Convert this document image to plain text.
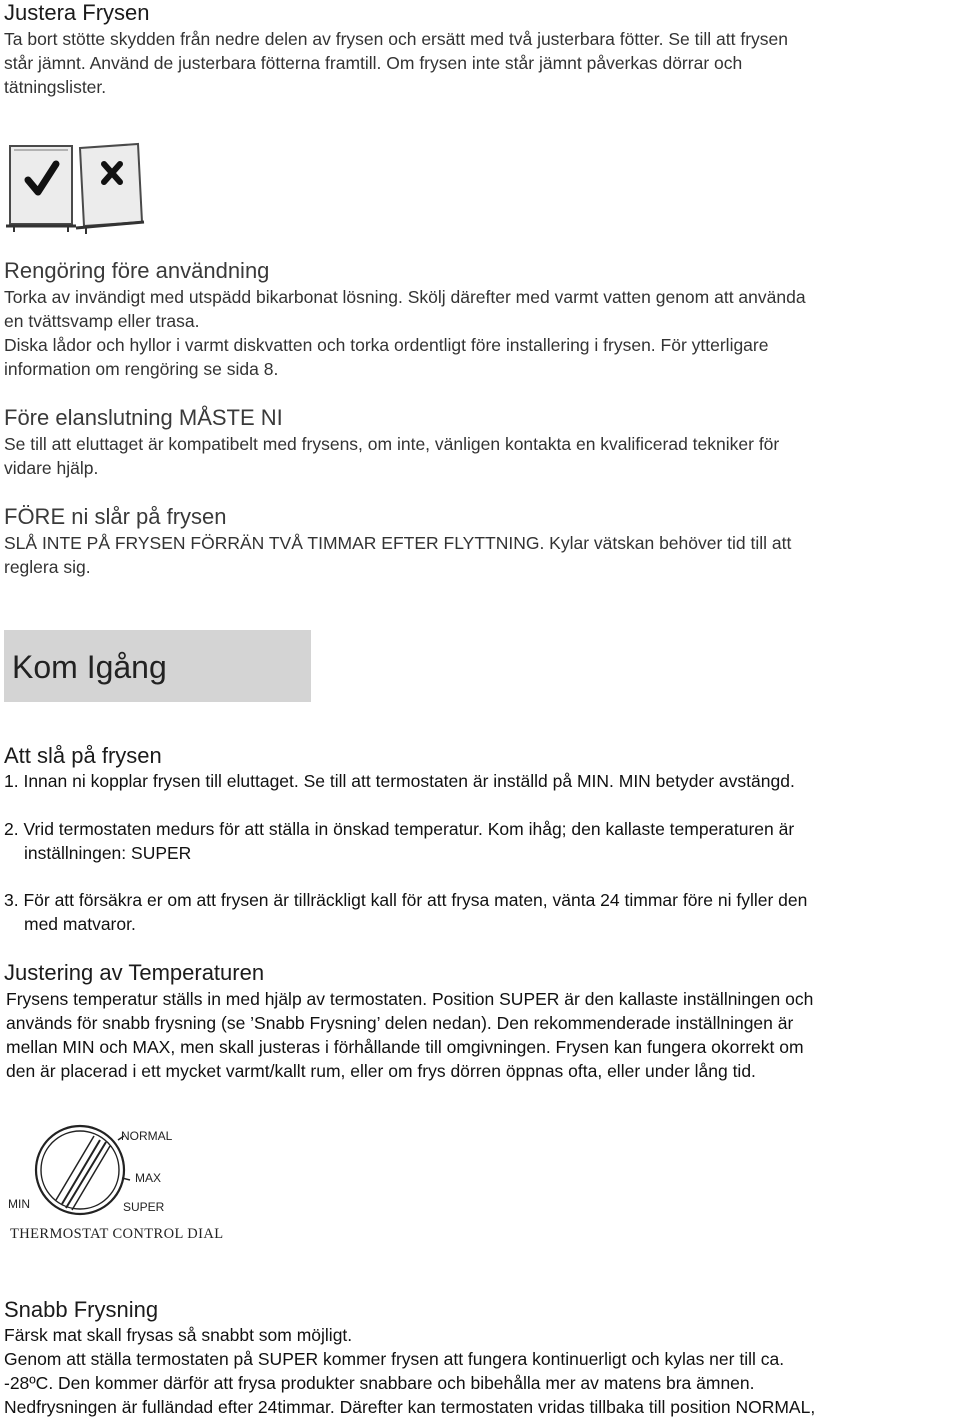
Justera Frysen
Ta bort stötte skydden från nedre delen av frysen och ersätt med två justerbara fötter. Se till att frysen
står jämnt. Använd de justerbara fötterna framtill. Om frysen inte står jämnt påverkas dörrar och
tätningslister.
Rengöring före användning
Torka av invändigt med utspädd bikarbonat lösning. Skölj därefter med varmt vatten genom att använda
en tvättsvamp eller trasa.
Diska lådor och hyllor i varmt diskvatten och torka ordentligt före installering i frysen. För ytterligare
information om rengöring se sida 8.
Före elanslutning MÅSTE NI
Se till att eluttaget är kompatibelt med frysens, om inte, vänligen kontakta en kvalificerad tekniker för
vidare hjälp.
FÖRE ni slår på frysen
SLÅ INTE PÅ FRYSEN FÖRRÄN TVÅ TIMMAR EFTER FLYTTNING. Kylar vätskan behöver tid till att
reglera sig.
Kom Igång
Att slå på frysen
1. Innan ni kopplar frysen till eluttaget. Se till att termostaten är inställd på MIN. MIN betyder avstängd.
2. Vrid termostaten medurs för att ställa in önskad temperatur. Kom ihåg; den kallaste temperaturen är
inställningen: SUPER
3. För att försäkra er om att frysen är tillräckligt kall för att frysa maten, vänta 24 timmar före ni fyller den
med matvaror.
Justering av Temperaturen
Frysens temperatur ställs in med hjälp av termostaten. Position SUPER är den kallaste inställningen och
används för snabb frysning (se ’Snabb Frysning’ delen nedan). Den rekommenderade inställningen är
mellan MIN och MAX, men skall justeras i förhållande till omgivningen. Frysen kan fungera okorrekt om
den är placerad i ett mycket varmt/kallt rum, eller om frys dörren öppnas ofta, eller under lång tid.
NORMAL
MAX
MIN	SUPER
THERMOSTAT CONTROL DIAL
Snabb Frysning
Färsk mat skall frysas så snabbt som möjligt.
Genom att ställa termostaten på SUPER kommer frysen att fungera kontinuerligt och kylas ner till ca.
-28ºC. Den kommer därför att frysa produkter snabbare och bibehålla mer av matens bra ämnen.
Nedfrysningen är fulländad efter 24timmar. Därefter kan termostaten vridas tillbaka till position NORMAL,
